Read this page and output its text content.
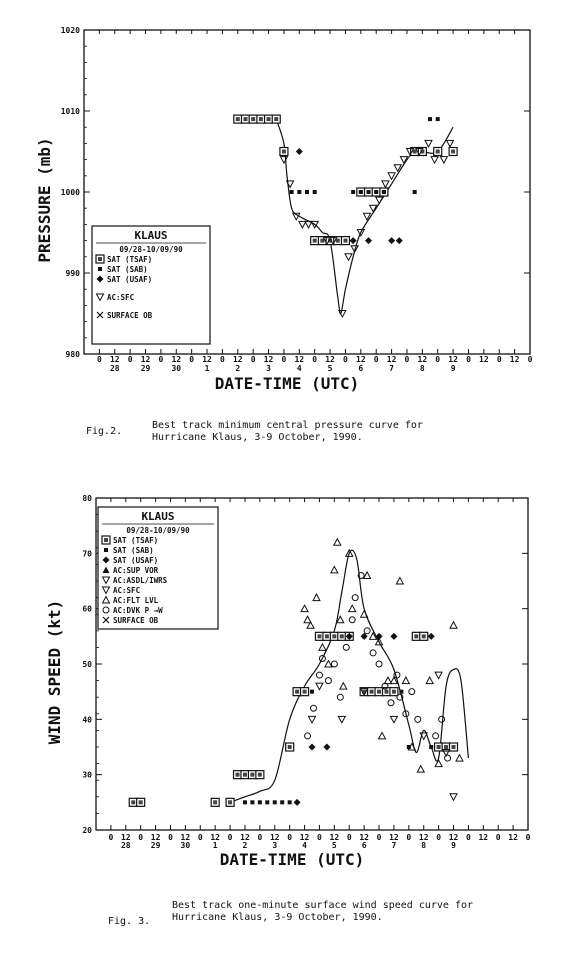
980
990
1000
1010
1020
0 12 0 12 0 12 0 12 0 12 0 12 0 12 0 12 0 12 0 12 0 12 0 12 0 12 0 12 0
28	29	30	1	2	3	4	5	6	7	8	9
DATE-TIME (UTC)
PRESSURE (mb)	KLAUS
09/28-10/09/90
SAT (TSAF)
SAT (SAB)
SAT (USAF)
AC:SFC
SURFACE OB
20
30
40
50
60
70
80
0 12 0 12 0 12 0 12 0 12 0 12 0 12 0 12 0 12 0 12 0 12 0 12 0 12 0 12 0
28	29	30	1	2	3	4	5	6	7	8	9
DATE-TIME (UTC)
WIND SPEED (kt)
KLAUS
09/28-10/09/90
SAT (TSAF)
SAT (SAB)
SAT (USAF)
AC:SUP VOR
AC:ASDL/IWRS
AC:SFC
AC:FLT LVL
AC:DVK P →W
SURFACE OB
Fig.2.
Best track minimum central pressure curve for
Hurricane Klaus, 3-9 October, 1990.
Fig. 3.
Best track one-minute surface wind speed curve for
Hurricane Klaus, 3-9 October, 1990.
